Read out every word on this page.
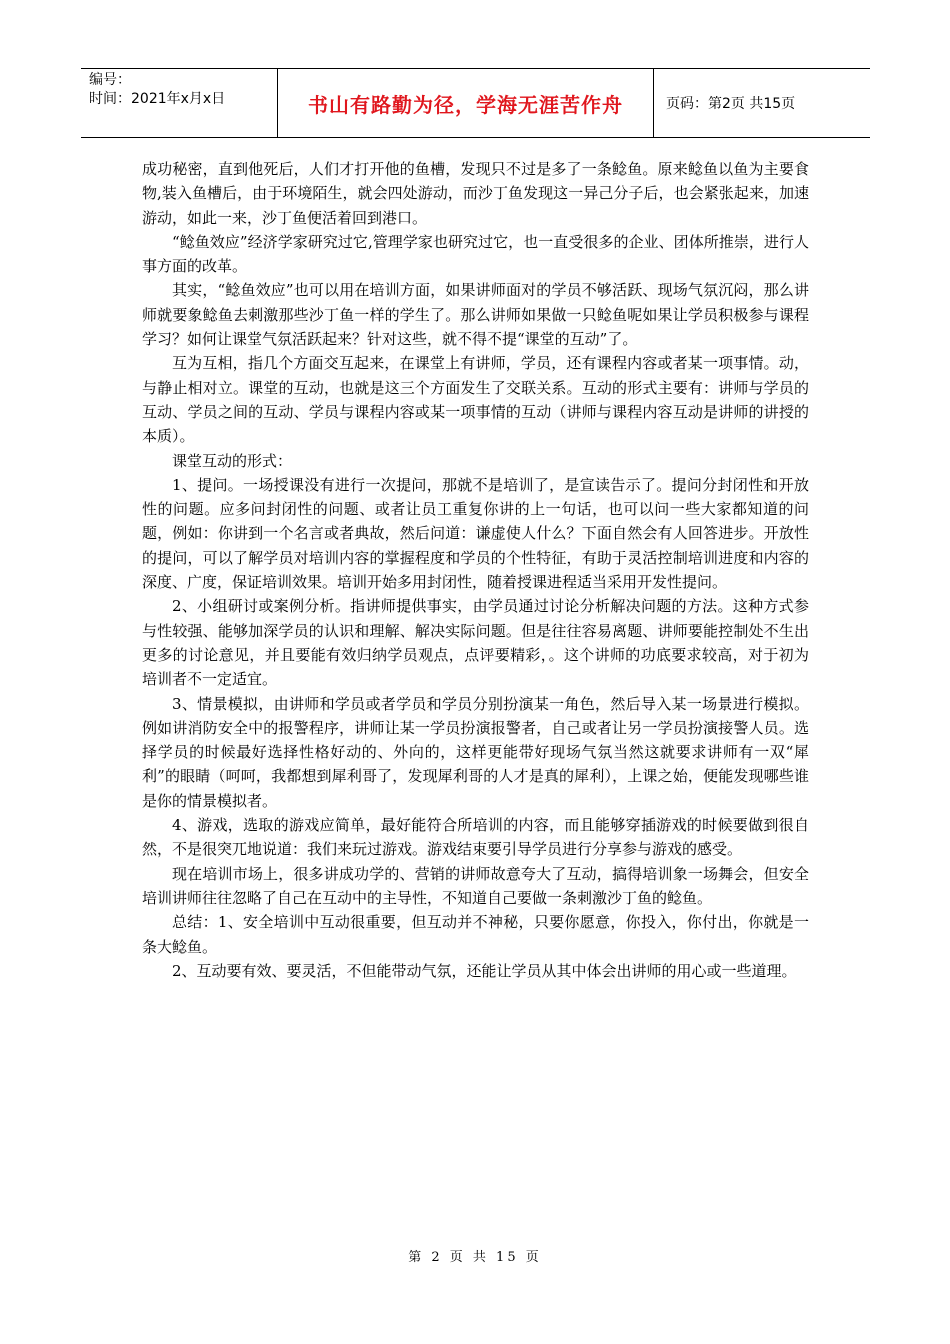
编号：
时间：2021年x月x日	书山有路勤为径，学海无涯苦作舟	页码：第2页 共15页

成功秘密，直到他死后，人们才打开他的鱼槽，发现只不过是多了一条鲶鱼。原来鲶鱼以鱼为主要食物,装入鱼槽后，由于环境陌生，就会四处游动，而沙丁鱼发现这一异己分子后，也会紧张起来，加速游动，如此一来，沙丁鱼便活着回到港口。

“鲶鱼效应”经济学家研究过它,管理学家也研究过它，也一直受很多的企业、团体所推崇，进行人事方面的改革。

其实，“鲶鱼效应”也可以用在培训方面，如果讲师面对的学员不够活跃、现场气氛沉闷，那么讲师就要象鲶鱼去刺激那些沙丁鱼一样的学生了。那么讲师如果做一只鲶鱼呢如果让学员积极参与课程学习？如何让课堂气氛活跃起来？针对这些，就不得不提“课堂的互动”了。

互为互相，指几个方面交互起来，在课堂上有讲师，学员，还有课程内容或者某一项事情。动，与静止相对立。课堂的互动，也就是这三个方面发生了交联关系。互动的形式主要有：讲师与学员的互动、学员之间的互动、学员与课程内容或某一项事情的互动（讲师与课程内容互动是讲师的讲授的本质）。

课堂互动的形式：

1、提问。一场授课没有进行一次提问，那就不是培训了，是宣读告示了。提问分封闭性和开放性的问题。应多问封闭性的问题、或者让员工重复你讲的上一句话，也可以问一些大家都知道的问题，例如：你讲到一个名言或者典故，然后问道：谦虚使人什么？下面自然会有人回答进步。开放性的提问，可以了解学员对培训内容的掌握程度和学员的个性特征，有助于灵活控制培训进度和内容的深度、广度，保证培训效果。培训开始多用封闭性，随着授课进程适当采用开发性提问。

2、小组研讨或案例分析。指讲师提供事实，由学员通过讨论分析解决问题的方法。这种方式参与性较强、能够加深学员的认识和理解、解决实际问题。但是往往容易离题、讲师要能控制处不生出更多的讨论意见，并且要能有效归纳学员观点，点评要精彩，。这个讲师的功底要求较高，对于初为培训者不一定适宜。

3、情景模拟，由讲师和学员或者学员和学员分别扮演某一角色，然后导入某一场景进行模拟。例如讲消防安全中的报警程序，讲师让某一学员扮演报警者，自己或者让另一学员扮演接警人员。选择学员的时候最好选择性格好动的、外向的，这样更能带好现场气氛当然这就要求讲师有一双“犀利”的眼睛（呵呵，我都想到犀利哥了，发现犀利哥的人才是真的犀利），上课之始，便能发现哪些谁是你的情景模拟者。

4、游戏，选取的游戏应简单，最好能符合所培训的内容，而且能够穿插游戏的时候要做到很自然，不是很突兀地说道：我们来玩过游戏。游戏结束要引导学员进行分享参与游戏的感受。

现在培训市场上，很多讲成功学的、营销的讲师故意夸大了互动，搞得培训象一场舞会，但安全培训讲师往往忽略了自己在互动中的主导性，不知道自己要做一条刺激沙丁鱼的鲶鱼。

总结：1、安全培训中互动很重要，但互动并不神秘，只要你愿意，你投入，你付出，你就是一条大鲶鱼。

2、互动要有效、要灵活，不但能带动气氛，还能让学员从其中体会出讲师的用心或一些道理。

第 2 页 共 15 页
